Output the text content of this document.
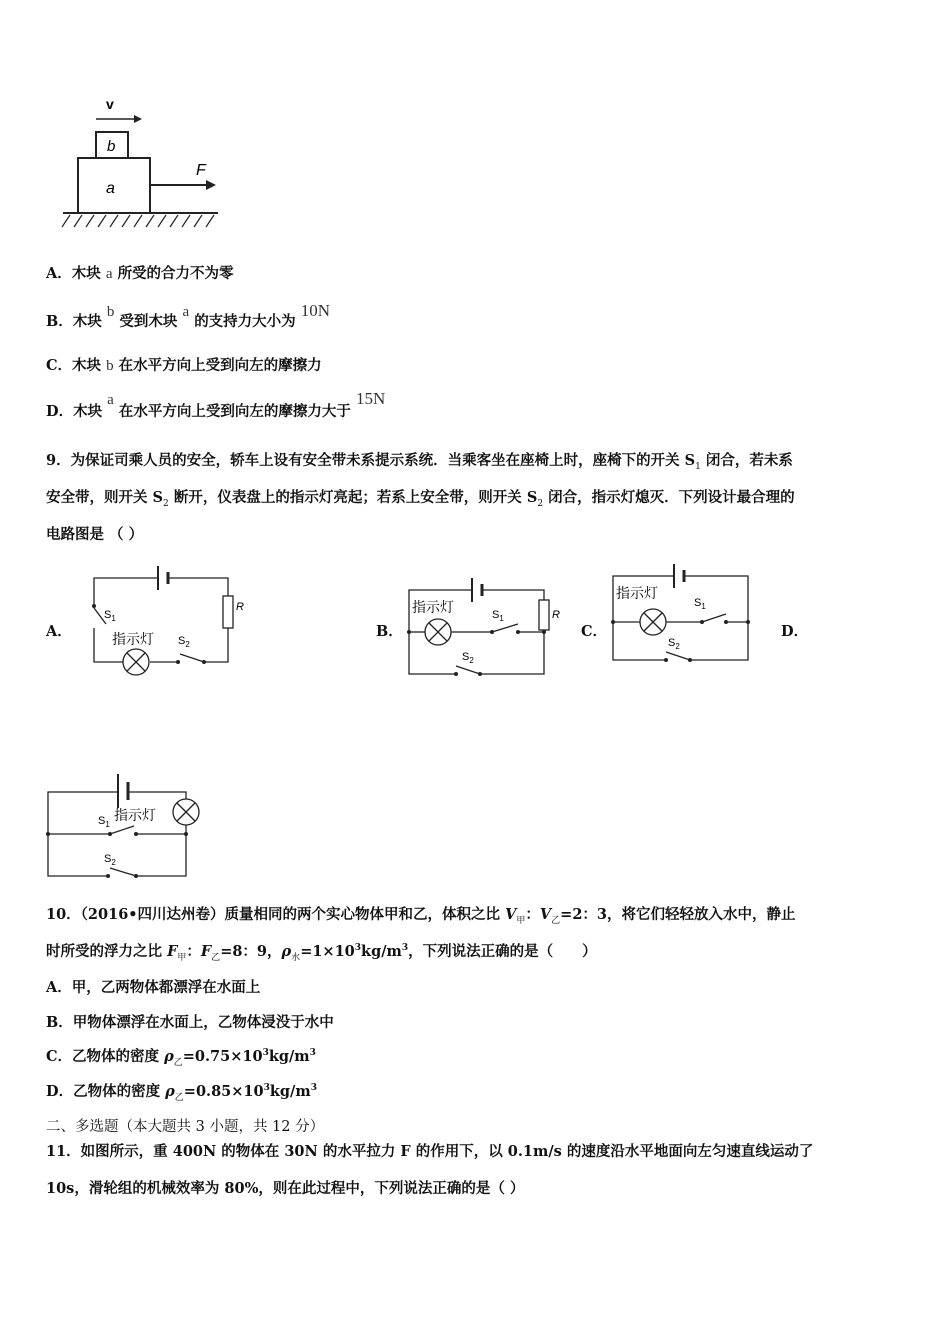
v
b
a
F
A．木块 a 所受的合力不为零
B．木块 b 受到木块 a 的支持力大小为 10N
C．木块 b 在水平方向上受到向左的摩擦力
D．木块 a 在水平方向上受到向左的摩擦力大于 15N
9．为保证司乘人员的安全，轿车上设有安全带未系提示系统．当乘客坐在座椅上时，座椅下的开关 $S_1$ 闭合，若未系
安全带，则开关 $S_2$ 断开，仪表盘上的指示灯亮起；若系上安全带，则开关 $S_2$ 闭合，指示灯熄灭．下列设计最合理的
电路图是 （ ）
A．	B．	C．	D．
$S_1$
R
指示灯 $S_2$
指示灯	$S_1$	R
$S_2$
指示灯
$S_1$
$S_2$
指示灯
$S_1$
$S_2$
10．（2016•四川达州卷）质量相同的两个实心物体甲和乙，体积之比 $V_甲$：$V_乙=2$：3，将它们轻轻放入水中，静止
时所受的浮力之比 $F_甲$：$F_乙=8$：9，$\rho_水=1\times 10^3kg/m^3$，下列说法正确的是（　　）
A．甲，乙两物体都漂浮在水面上
B．甲物体漂浮在水面上，乙物体浸没于水中
C．乙物体的密度 $\rho_乙=0.75\times 10^3kg/m^3$
D．乙物体的密度 $\rho_乙=0.85\times 10^3kg/m^3$
二、多选题（本大题共 3 小题，共 12 分）
11．如图所示，重 400N 的物体在 30N 的水平拉力 F 的作用下，以 0.1m/s 的速度沿水平地面向左匀速直线运动了
10s，滑轮组的机械效率为 80%，则在此过程中，下列说法正确的是（ ）
